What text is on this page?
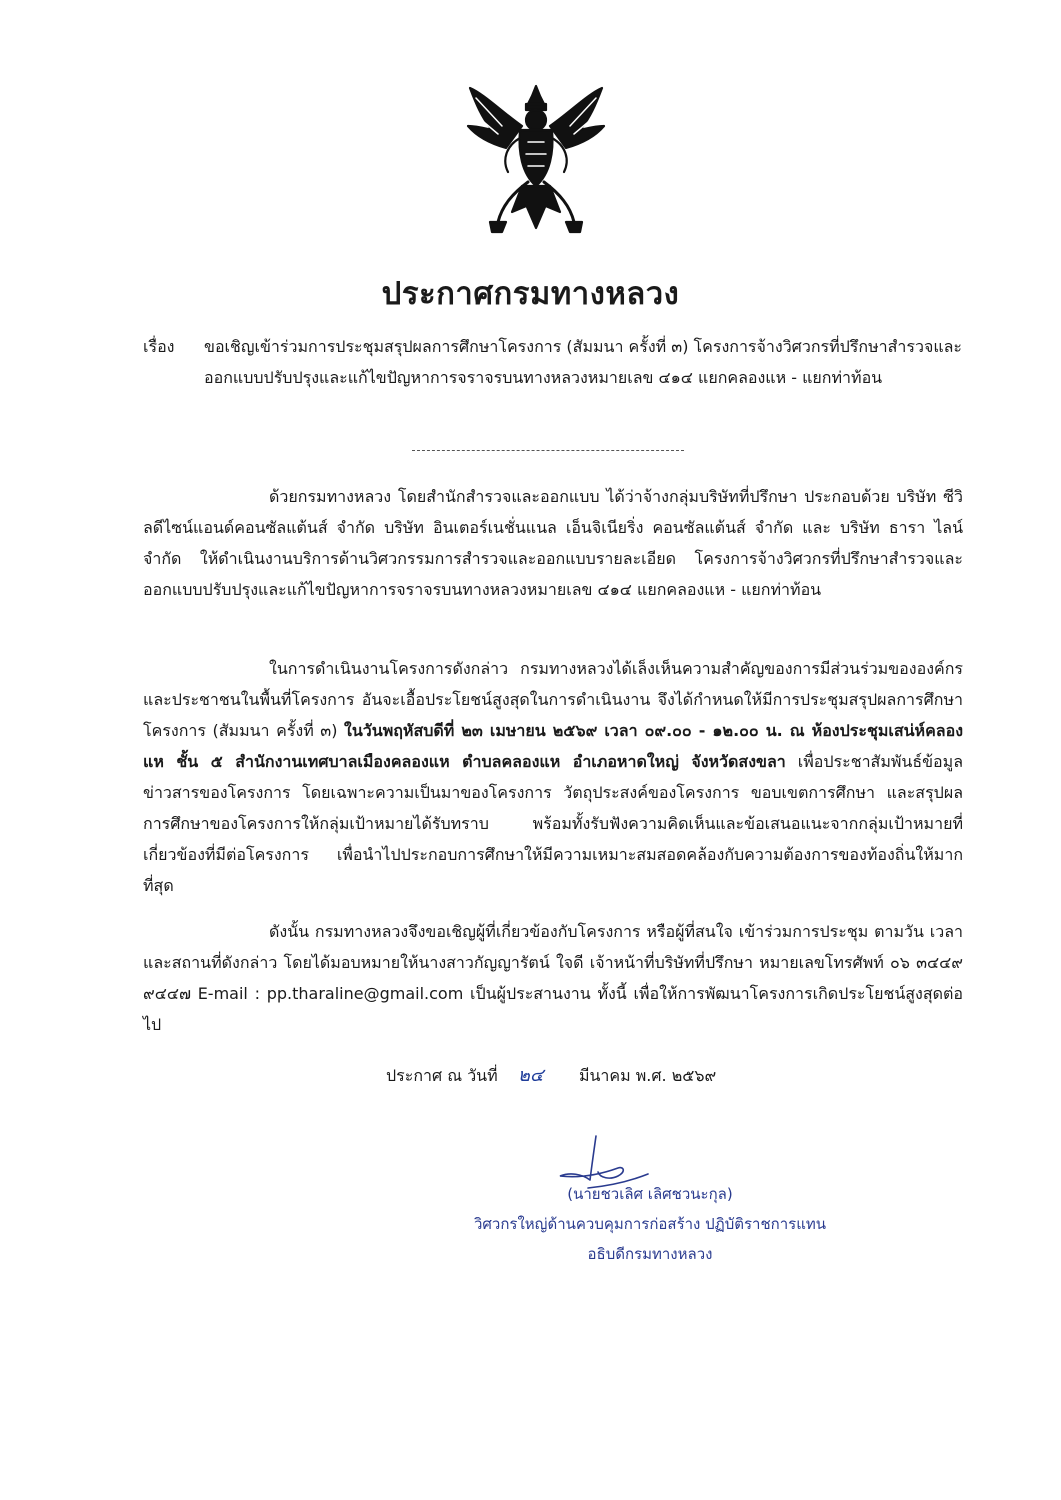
ประกาศกรมทางหลวง
เรื่อง	ขอเชิญเข้าร่วมการประชุมสรุปผลการศึกษาโครงการ (สัมมนา ครั้งที่ ๓) โครงการจ้างวิศวกรที่ปรึกษาสำรวจและออกแบบปรับปรุงและแก้ไขปัญหาการจราจรบนทางหลวงหมายเลข ๔๑๔ แยกคลองแห - แยกท่าท้อน
ด้วยกรมทางหลวง โดยสำนักสำรวจและออกแบบ ได้ว่าจ้างกลุ่มบริษัทที่ปรึกษา ประกอบด้วย บริษัท ซีวิลดีไซน์แอนด์คอนซัลแต้นส์ จำกัด บริษัท อินเตอร์เนชั่นแนล เอ็นจิเนียริ่ง คอนซัลแต้นส์ จำกัด และ บริษัท ธารา ไลน์ จำกัด ให้ดำเนินงานบริการด้านวิศวกรรมการสำรวจและออกแบบรายละเอียด โครงการจ้างวิศวกรที่ปรึกษาสำรวจและออกแบบปรับปรุงและแก้ไขปัญหาการจราจรบนทางหลวงหมายเลข ๔๑๔ แยกคลองแห - แยกท่าท้อน
ในการดำเนินงานโครงการดังกล่าว กรมทางหลวงได้เล็งเห็นความสำคัญของการมีส่วนร่วมขององค์กรและประชาชนในพื้นที่โครงการ อันจะเอื้อประโยชน์สูงสุดในการดำเนินงาน จึงได้กำหนดให้มีการประชุมสรุปผลการศึกษาโครงการ (สัมมนา ครั้งที่ ๓) ในวันพฤหัสบดีที่ ๒๓ เมษายน ๒๕๖๙ เวลา ๐๙.๐๐ - ๑๒.๐๐ น. ณ ห้องประชุมเสน่ห์คลองแห ชั้น ๕ สำนักงานเทศบาลเมืองคลองแห ตำบลคลองแห อำเภอหาดใหญ่ จังหวัดสงขลา เพื่อประชาสัมพันธ์ข้อมูลข่าวสารของโครงการ โดยเฉพาะความเป็นมาของโครงการ วัตถุประสงค์ของโครงการ ขอบเขตการศึกษา และสรุปผลการศึกษาของโครงการให้กลุ่มเป้าหมายได้รับทราบ พร้อมทั้งรับฟังความคิดเห็นและข้อเสนอแนะจากกลุ่มเป้าหมายที่เกี่ยวข้องที่มีต่อโครงการ เพื่อนำไปประกอบการศึกษาให้มีความเหมาะสมสอดคล้องกับความต้องการของท้องถิ่นให้มากที่สุด
ดังนั้น กรมทางหลวงจึงขอเชิญผู้ที่เกี่ยวข้องกับโครงการ หรือผู้ที่สนใจ เข้าร่วมการประชุม ตามวัน เวลา และสถานที่ดังกล่าว โดยได้มอบหมายให้นางสาวกัญญารัตน์ ใจดี เจ้าหน้าที่บริษัทที่ปรึกษา หมายเลขโทรศัพท์ ๐๖ ๓๔๔๙ ๙๔๔๗ E-mail : pp.tharaline@gmail.com เป็นผู้ประสานงาน ทั้งนี้ เพื่อให้การพัฒนาโครงการเกิดประโยชน์สูงสุดต่อไป
ประกาศ ณ วันที่ ๒๔ มีนาคม พ.ศ. ๒๕๖๙
(นายชวเลิศ เลิศชวนะกุล)
วิศวกรใหญ่ด้านควบคุมการก่อสร้าง ปฏิบัติราชการแทน
อธิบดีกรมทางหลวง
